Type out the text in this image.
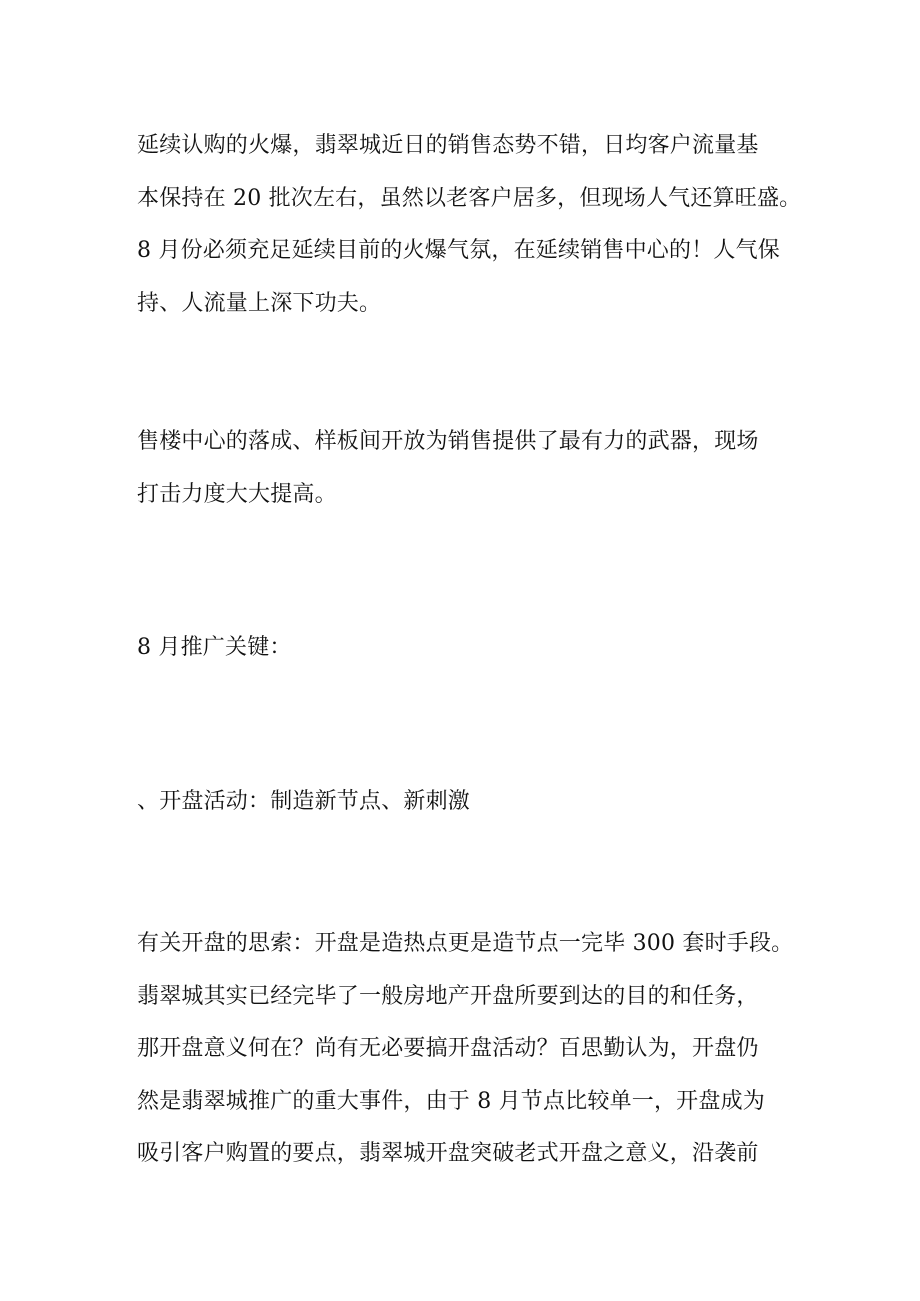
延续认购的火爆，翡翠城近日的销售态势不错，日均客户流量基
本保持在 20 批次左右，虽然以老客户居多，但现场人气还算旺盛。
8 月份必须充足延续目前的火爆气氛，在延续销售中心的！人气保
持、人流量上深下功夫。

售楼中心的落成、样板间开放为销售提供了最有力的武器，现场
打击力度大大提高。

8 月推广关键：

、开盘活动：制造新节点、新刺激

有关开盘的思索：开盘是造热点更是造节点一完毕 300 套时手段。
翡翠城其实已经完毕了一般房地产开盘所要到达的目的和任务，
那开盘意义何在？尚有无必要搞开盘活动？百思勤认为，开盘仍
然是翡翠城推广的重大事件，由于 8 月节点比较单一，开盘成为
吸引客户购置的要点，翡翠城开盘突破老式开盘之意义，沿袭前
